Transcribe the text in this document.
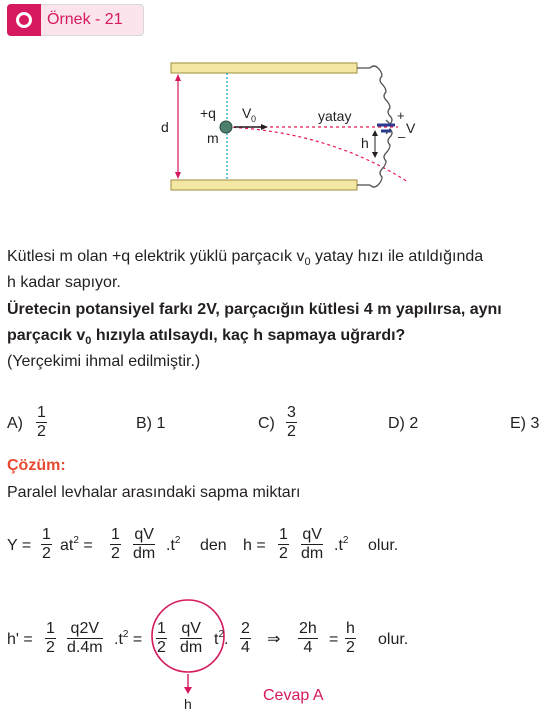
Örnek - 21
+q
m
V 0	yatay
d
h
+
–
V
Kütlesi m olan +q elektrik yüklü parçacık $v_0$ yatay hızı ile atıldığında
h kadar sapıyor.
Üretecin potansiyel farkı 2V, parçacığın kütlesi 4 m yapılırsa, aynı
parçacık $v_0$ hızıyla atılsaydı, kaç h sapmaya uğrardı?
(Yerçekimi ihmal edilmiştir.)
$A) \frac{1}{2}$	B) 1	$C) \frac{3}{2}$	D) 2	E) 3
Çözüm:
Paralel levhalar arasındaki sapma miktarı
$Y = \frac{1}{2} at^2 = \frac{1}{2} \frac{qV}{dm} .t^2$ den $h = \frac{1}{2} \frac{qV}{dm} .t^2$ olur.
$h' = \frac{1}{2} \frac{q2V}{d.4m} .t^2 = \frac{1}{2} \frac{qV}{dm} t^2$. $\frac{2}{4}$ ⇒ $\frac{2h}{4} = \frac{h}{2}$ olur.
h	Cevap A
